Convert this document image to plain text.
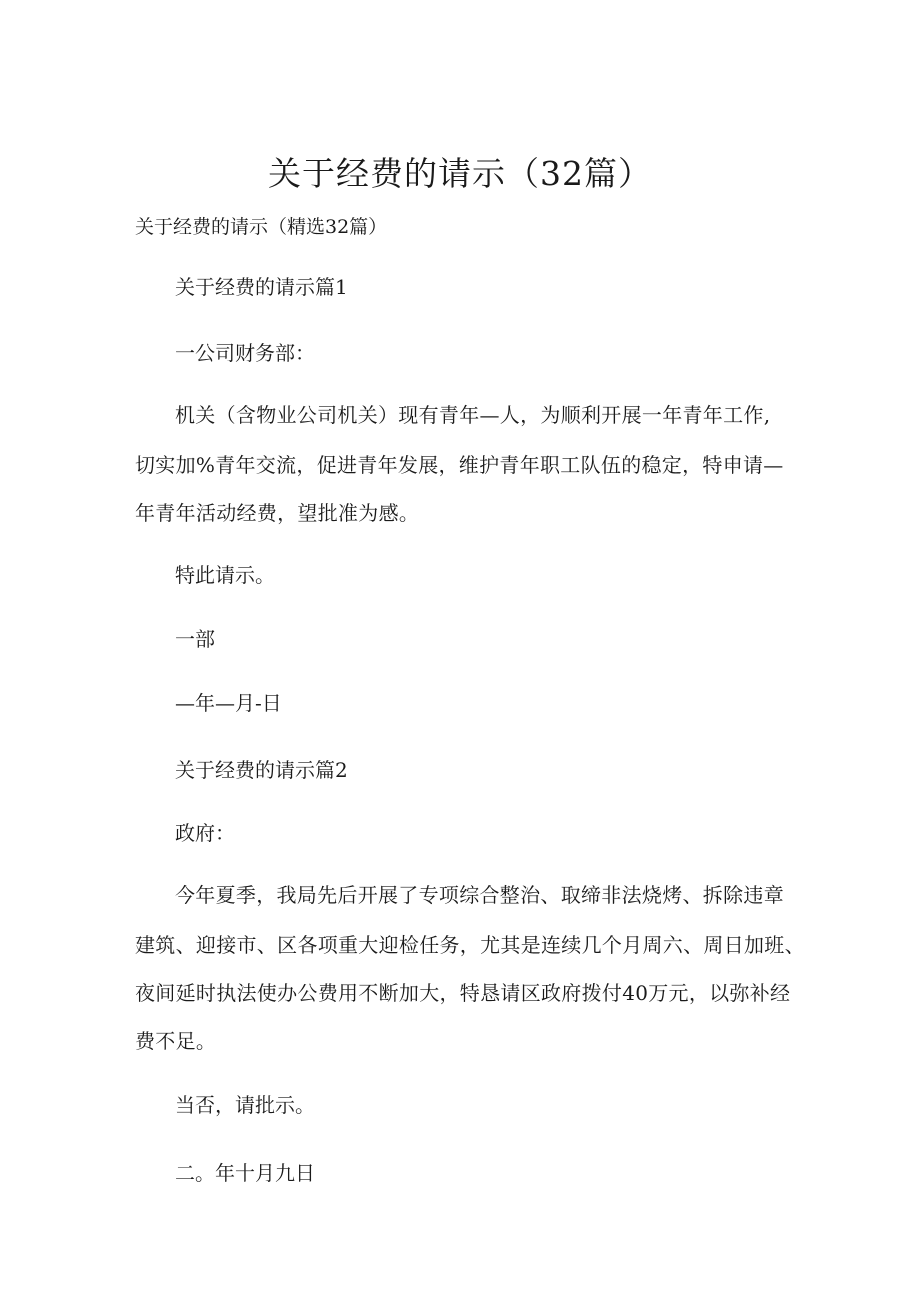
关于经费的请示（32篇）
关于经费的请示（精选32篇）
关于经费的请示篇1
一公司财务部：
机关（含物业公司机关）现有青年—人，为顺利开展一年青年工作,
切实加%青年交流，促进青年发展，维护青年职工队伍的稳定，特申请—
年青年活动经费，望批准为感。
特此请示。
一部
—年—月-日
关于经费的请示篇2
政府：
今年夏季，我局先后开展了专项综合整治、取缔非法烧烤、拆除违章
建筑、迎接市、区各项重大迎检任务，尤其是连续几个月周六、周日加班、
夜间延时执法使办公费用不断加大，特恳请区政府拨付40万元，以弥补经
费不足。
当否，请批示。
二。年十月九日
